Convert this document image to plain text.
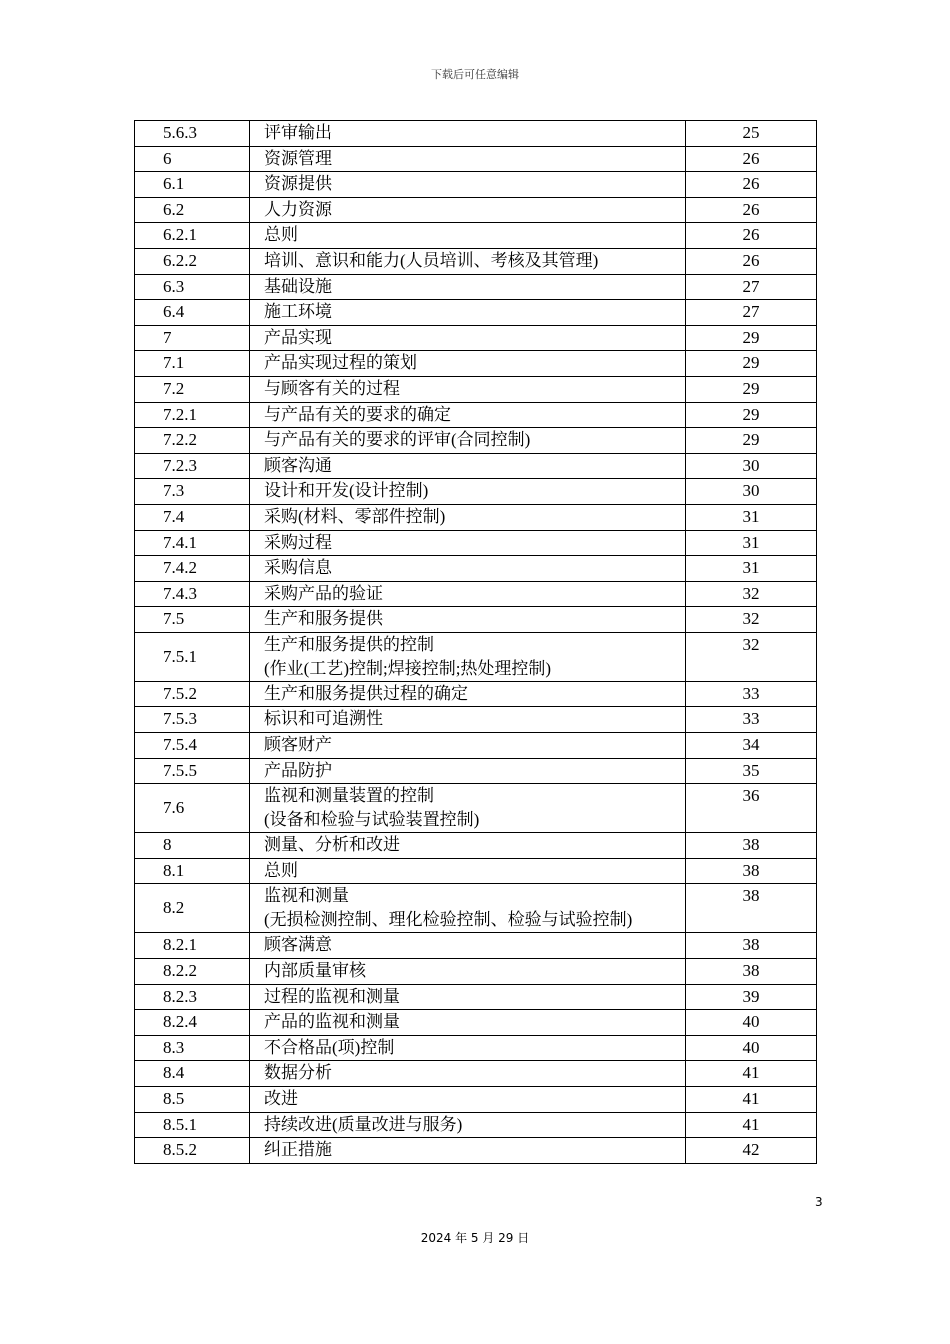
下载后可任意编辑
5.6.3	评审输出	25
6	资源管理	26
6.1	资源提供	26
6.2	人力资源	26
6.2.1	总则	26
6.2.2	培训、意识和能力(人员培训、考核及其管理)	26
6.3	基础设施	27
6.4	施工环境	27
7	产品实现	29
7.1	产品实现过程的策划	29
7.2	与顾客有关的过程	29
7.2.1	与产品有关的要求的确定	29
7.2.2	与产品有关的要求的评审(合同控制)	29
7.2.3	顾客沟通	30
7.3	设计和开发(设计控制)	30
7.4	采购(材料、零部件控制)	31
7.4.1	采购过程	31
7.4.2	采购信息	31
7.4.3	采购产品的验证	32
7.5	生产和服务提供	32
7.5.1	生产和服务提供的控制
(作业(工艺)控制;焊接控制;热处理控制)	32
7.5.2	生产和服务提供过程的确定	33
7.5.3	标识和可追溯性	33
7.5.4	顾客财产	34
7.5.5	产品防护	35
7.6	监视和测量装置的控制
(设备和检验与试验装置控制)	36
8	测量、分析和改进	38
8.1	总则	38
8.2	监视和测量
(无损检测控制、理化检验控制、检验与试验控制)	38
8.2.1	顾客满意	38
8.2.2	内部质量审核	38
8.2.3	过程的监视和测量	39
8.2.4	产品的监视和测量	40
8.3	不合格品(项)控制	40
8.4	数据分析	41
8.5	改进	41
8.5.1	持续改进(质量改进与服务)	41
8.5.2	纠正措施	42
3
2024 年 5 月 29 日
